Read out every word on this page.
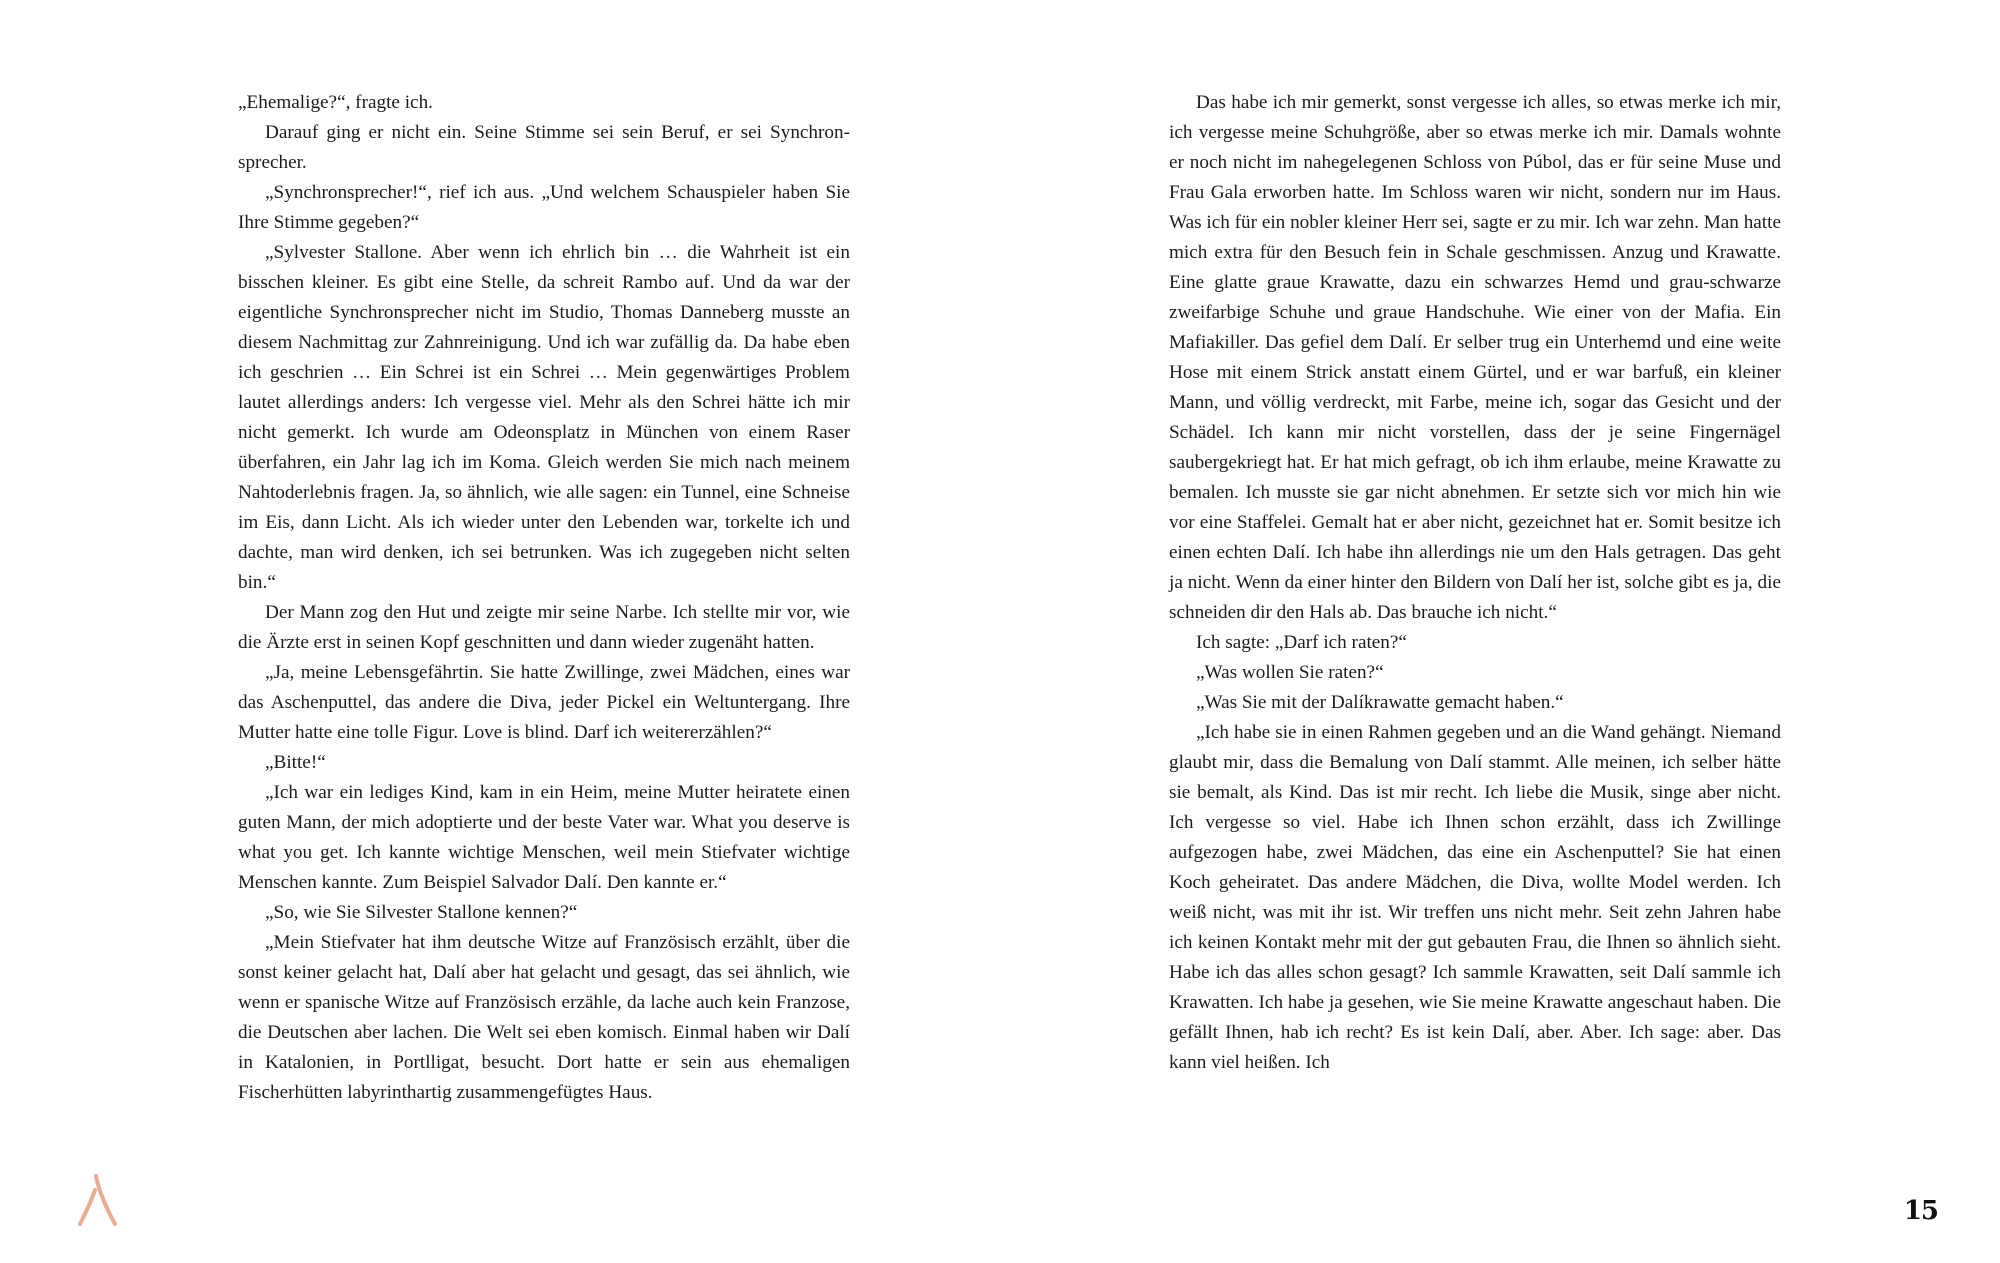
„Ehemalige?“, fragte ich.

Darauf ging er nicht ein. Seine Stimme sei sein Beruf, er sei Synchronsprecher.

„Synchronsprecher!“, rief ich aus. „Und welchem Schauspieler haben Sie Ihre Stimme gegeben?“

„Sylvester Stallone. Aber wenn ich ehrlich bin … die Wahrheit ist ein bisschen kleiner. Es gibt eine Stelle, da schreit Rambo auf. Und da war der eigentliche Synchronsprecher nicht im Studio, Thomas Danneberg musste an diesem Nachmittag zur Zahnreinigung. Und ich war zufällig da. Da habe eben ich geschrien … Ein Schrei ist ein Schrei … Mein gegenwärtiges Problem lautet allerdings anders: Ich vergesse viel. Mehr als den Schrei hätte ich mir nicht gemerkt. Ich wurde am Odeonsplatz in München von einem Raser überfahren, ein Jahr lag ich im Koma. Gleich werden Sie mich nach meinem Nahtoderlebnis fragen. Ja, so ähnlich, wie alle sagen: ein Tunnel, eine Schneise im Eis, dann Licht. Als ich wieder unter den Lebenden war, torkelte ich und dachte, man wird denken, ich sei betrunken. Was ich zugegeben nicht selten bin.“

Der Mann zog den Hut und zeigte mir seine Narbe. Ich stellte mir vor, wie die Ärzte erst in seinen Kopf geschnitten und dann wieder zugenäht hatten.

„Ja, meine Lebensgefährtin. Sie hatte Zwillinge, zwei Mädchen, eines war das Aschenputtel, das andere die Diva, jeder Pickel ein Weltuntergang. Ihre Mutter hatte eine tolle Figur. Love is blind. Darf ich weitererzählen?“

„Bitte!“

„Ich war ein lediges Kind, kam in ein Heim, meine Mutter heiratete einen guten Mann, der mich adoptierte und der beste Vater war. What you deserve is what you get. Ich kannte wichtige Menschen, weil mein Stiefvater wichtige Menschen kannte. Zum Beispiel Salvador Dalí. Den kannte er.“

„So, wie Sie Silvester Stallone kennen?“

„Mein Stiefvater hat ihm deutsche Witze auf Französisch erzählt, über die sonst keiner gelacht hat, Dalí aber hat gelacht und gesagt, das sei ähnlich, wie wenn er spanische Witze auf Französisch erzähle, da lache auch kein Franzose, die Deutschen aber lachen. Die Welt sei eben komisch. Einmal haben wir Dalí in Katalonien, in Portlligat, besucht. Dort hatte er sein aus ehemaligen Fischerhütten labyrinthartig zusammengefügtes Haus.

Das habe ich mir gemerkt, sonst vergesse ich alles, so etwas merke ich mir, ich vergesse meine Schuhgröße, aber so etwas merke ich mir. Damals wohnte er noch nicht im nahegelegenen Schloss von Púbol, das er für seine Muse und Frau Gala erworben hatte. Im Schloss waren wir nicht, sondern nur im Haus. Was ich für ein nobler kleiner Herr sei, sagte er zu mir. Ich war zehn. Man hatte mich extra für den Besuch fein in Schale geschmissen. Anzug und Krawatte. Eine glatte graue Krawatte, dazu ein schwarzes Hemd und grau-schwarze zweifarbige Schuhe und graue Handschuhe. Wie einer von der Mafia. Ein Mafiakiller. Das gefiel dem Dalí. Er selber trug ein Unterhemd und eine weite Hose mit einem Strick anstatt einem Gürtel, und er war barfuß, ein kleiner Mann, und völlig verdreckt, mit Farbe, meine ich, sogar das Gesicht und der Schädel. Ich kann mir nicht vorstellen, dass der je seine Fingernägel saubergekriegt hat. Er hat mich gefragt, ob ich ihm erlaube, meine Krawatte zu bemalen. Ich musste sie gar nicht abnehmen. Er setzte sich vor mich hin wie vor eine Staffelei. Gemalt hat er aber nicht, gezeichnet hat er. Somit besitze ich einen echten Dalí. Ich habe ihn allerdings nie um den Hals getragen. Das geht ja nicht. Wenn da einer hinter den Bildern von Dalí her ist, solche gibt es ja, die schneiden dir den Hals ab. Das brauche ich nicht.“

Ich sagte: „Darf ich raten?“

„Was wollen Sie raten?“

„Was Sie mit der Dalíkrawatte gemacht haben.“

„Ich habe sie in einen Rahmen gegeben und an die Wand gehängt. Niemand glaubt mir, dass die Bemalung von Dalí stammt. Alle meinen, ich selber hätte sie bemalt, als Kind. Das ist mir recht. Ich liebe die Musik, singe aber nicht. Ich vergesse so viel. Habe ich Ihnen schon erzählt, dass ich Zwillinge aufgezogen habe, zwei Mädchen, das eine ein Aschenputtel? Sie hat einen Koch geheiratet. Das andere Mädchen, die Diva, wollte Model werden. Ich weiß nicht, was mit ihr ist. Wir treffen uns nicht mehr. Seit zehn Jahren habe ich keinen Kontakt mehr mit der gut gebauten Frau, die Ihnen so ähnlich sieht. Habe ich das alles schon gesagt? Ich sammle Krawatten, seit Dalí sammle ich Krawatten. Ich habe ja gesehen, wie Sie meine Krawatte angeschaut haben. Die gefällt Ihnen, hab ich recht? Es ist kein Dalí, aber. Aber. Ich sage: aber. Das kann viel heißen. Ich

15
